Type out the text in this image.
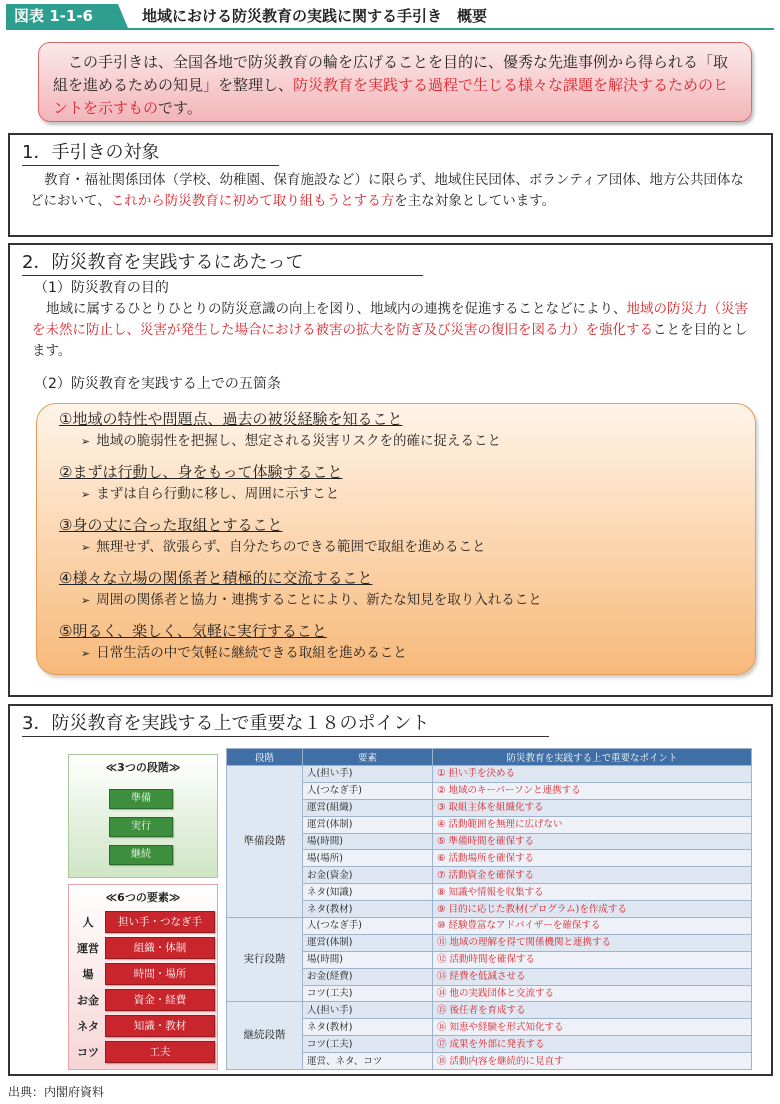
図表 1-1-6	地域における防災教育の実践に関する手引き　概要
　この手引きは、全国各地で防災教育の輪を広げることを目的に、優秀な先進事例から得られる「取組を進めるための知見」を整理し、防災教育を実践する過程で生じる様々な課題を解決するためのヒントを示すものです。
1．手引きの対象

教育・福祉関係団体（学校、幼稚園、保育施設など）に限らず、地域住民団体、ボランティア団体、地方公共団体などにおいて、これから防災教育に初めて取り組もうとする方を主な対象としています。

2．防災教育を実践するにあたって
（1）防災教育の目的

地域に属するひとりひとりの防災意識の向上を図り、地域内の連携を促進することなどにより、地域の防災力（災害を未然に防止し、災害が発生した場合における被害の拡大を防ぎ及び災害の復旧を図る力）を強化することを目的とします。

（2）防災教育を実践する上での五箇条
①地域の特性や問題点、過去の被災経験を知ること
➢ 地域の脆弱性を把握し、想定される災害リスクを的確に捉えること
②まずは行動し、身をもって体験すること
➢ まずは自ら行動に移し、周囲に示すこと
③身の丈に合った取組とすること
➢ 無理せず、欲張らず、自分たちのできる範囲で取組を進めること
④様々な立場の関係者と積極的に交流すること
➢ 周囲の関係者と協力・連携することにより、新たな知見を取り入れること
⑤明るく、楽しく、気軽に実行すること
➢ 日常生活の中で気軽に継続できる取組を進めること
3．防災教育を実践する上で重要な１８のポイント
≪3つの段階≫
準備
実行
継続
≪6つの要素≫
人	担い手・つなぎ手
運営	組織・体制
場	時間・場所
お金	資金・経費
ネタ	知識・教材
コツ	工夫
段階	要素	防災教育を実践する上で重要なポイント
準備段階	人(担い手)	① 担い手を決める
	人(つなぎ手)	② 地域のキーパーソンと連携する
	運営(組織)	③ 取組主体を組織化する
	運営(体制)	④ 活動範囲を無理に広げない
	場(時間)	⑤ 準備時間を確保する
	場(場所)	⑥ 活動場所を確保する
	お金(資金)	⑦ 活動資金を確保する
	ネタ(知識)	⑧ 知識や情報を収集する
	ネタ(教材)	⑨ 目的に応じた教材(プログラム)を作成する
実行段階	人(つなぎ手)	⑩ 経験豊富なアドバイザーを確保する
	運営(体制)	⑪ 地域の理解を得て関係機関と連携する
	場(時間)	⑫ 活動時間を確保する
	お金(経費)	⑬ 経費を低減させる
	コツ(工夫)	⑭ 他の実践団体と交流する
継続段階	人(担い手)	⑮ 後任者を育成する
	ネタ(教材)	⑯ 知恵や経験を形式知化する
	コツ(工夫)	⑰ 成果を外部に発表する
	運営、ネタ、コツ	⑱ 活動内容を継続的に見直す
出典：内閣府資料
